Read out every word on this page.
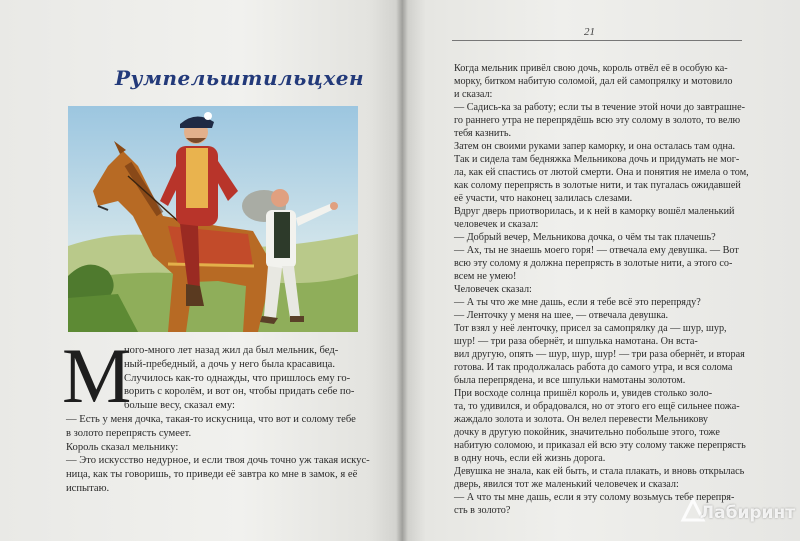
Румпельштильцхен
М
ного-много лет назад жил да был мельник, бед-
ный-пребедный, а дочь у него была красавица.
Случилось как-то однажды, что пришлось ему го-
ворить с королём, и вот он, чтобы придать себе по-
больше весу, сказал ему:
— Есть у меня дочка, такая-то искусница, что вот и солому тебе
в золото перепрясть сумеет.
Король сказал мельнику:
— Это искусство недурное, и если твоя дочь точно уж такая искус-
ница, как ты говоришь, то приведи её завтра ко мне в замок, я её
испытаю.
21
Когда мельник привёл свою дочь, король отвёл её в особую ка-
морку, битком набитую соломой, дал ей самопрялку и мотовило
и сказал:
— Садись-ка за работу; если ты в течение этой ночи до завтрашне-
го раннего утра не перепрядёшь всю эту солому в золото, то велю
тебя казнить.
Затем он своими руками запер каморку, и она осталась там одна.
Так и сидела там бедняжка Мельникова дочь и придумать не мог-
ла, как ей спастись от лютой смерти. Она и понятия не имела о том,
как солому перепрясть в золотые нити, и так пугалась ожидавшей
её участи, что наконец залилась слезами.
Вдруг дверь приотворилась, и к ней в каморку вошёл маленький
человечек и сказал:
— Добрый вечер, Мельникова дочка, о чём ты так плачешь?
— Ах, ты не знаешь моего горя! — отвечала ему девушка. — Вот
всю эту солому я должна перепрясть в золотые нити, а этого со-
всем не умею!
Человечек сказал:
— А ты что же мне дашь, если я тебе всё это перепряду?
— Ленточку у меня на шее, — отвечала девушка.
Тот взял у неё ленточку, присел за самопрялку да — шур, шур,
шур! — три раза обернёт, и шпулька намотана. Он вста-
вил другую, опять — шур, шур, шур! — три раза обернёт, и вторая
готова. И так продолжалась работа до самого утра, и вся солома
была перепрядена, и все шпульки намотаны золотом.
При восходе солнца пришёл король и, увидев столько золо-
та, то удивился, и обрадовался, но от этого его ещё сильнее пожа-
жаждало золота и золота. Он велел перевести Мельникову
дочку в другую покойник, значительно побольше этого, тоже
набитую соломою, и приказал ей всю эту солому также перепрясть
в одну ночь, если ей жизнь дорога.
Девушка не знала, как ей быть, и стала плакать, и вновь открылась
дверь, явился тот же маленький человечек и сказал:
— А что ты мне дашь, если я эту солому возьмусь тебе перепря-
сть в золото?	Лабиринт
